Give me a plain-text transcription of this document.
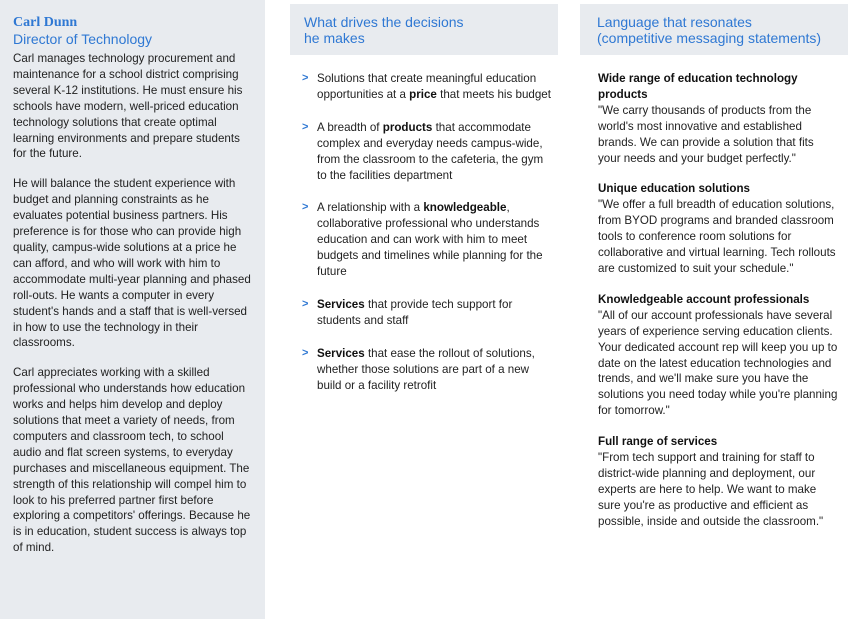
Carl Dunn
Director of Technology

Carl manages technology procurement and maintenance for a school district comprising several K-12 institutions. He must ensure his schools have modern, well-priced education technology solutions that create optimal learning environments and prepare students for the future.

He will balance the student experience with budget and planning constraints as he evaluates potential business partners. His preference is for those who can provide high quality, campus-wide solutions at a price he can afford, and who will work with him to accommodate multi-year planning and phased roll-outs. He wants a computer in every student's hands and a staff that is well-versed in how to use the technology in their classrooms.

Carl appreciates working with a skilled professional who understands how education works and helps him develop and deploy solutions that meet a variety of needs, from computers and classroom tech, to school audio and flat screen systems, to everyday purchases and miscellaneous equipment. The strength of this relationship will compel him to look to his preferred partner first before exploring a competitors' offerings. Because he is in education, student success is always top of mind.

What drives the decisions
he makes
> Solutions that create meaningful education opportunities at a price that meets his budget
> A breadth of products that accommodate complex and everyday needs campus-wide, from the classroom to the cafeteria, the gym to the facilities department
> A relationship with a knowledgeable, collaborative professional who understands education and can work with him to meet budgets and timelines while planning for the future
> Services that provide tech support for students and staff
> Services that ease the rollout of solutions, whether those solutions are part of a new build or a facility retrofit
Language that resonates
(competitive messaging statements)
Wide range of education technology products
"We carry thousands of products from the world's most innovative and established brands. We can provide a solution that fits your needs and your budget perfectly."
Unique education solutions
"We offer a full breadth of education solutions, from BYOD programs and branded classroom tools to conference room solutions for collaborative and virtual learning. Tech rollouts are customized to suit your schedule."
Knowledgeable account professionals
"All of our account professionals have several years of experience serving education clients. Your dedicated account rep will keep you up to date on the latest education technologies and trends, and we'll make sure you have the solutions you need today while you're planning for tomorrow."
Full range of services
"From tech support and training for staff to district-wide planning and deployment, our experts are here to help. We want to make sure you're as productive and efficient as possible, inside and outside the classroom."
